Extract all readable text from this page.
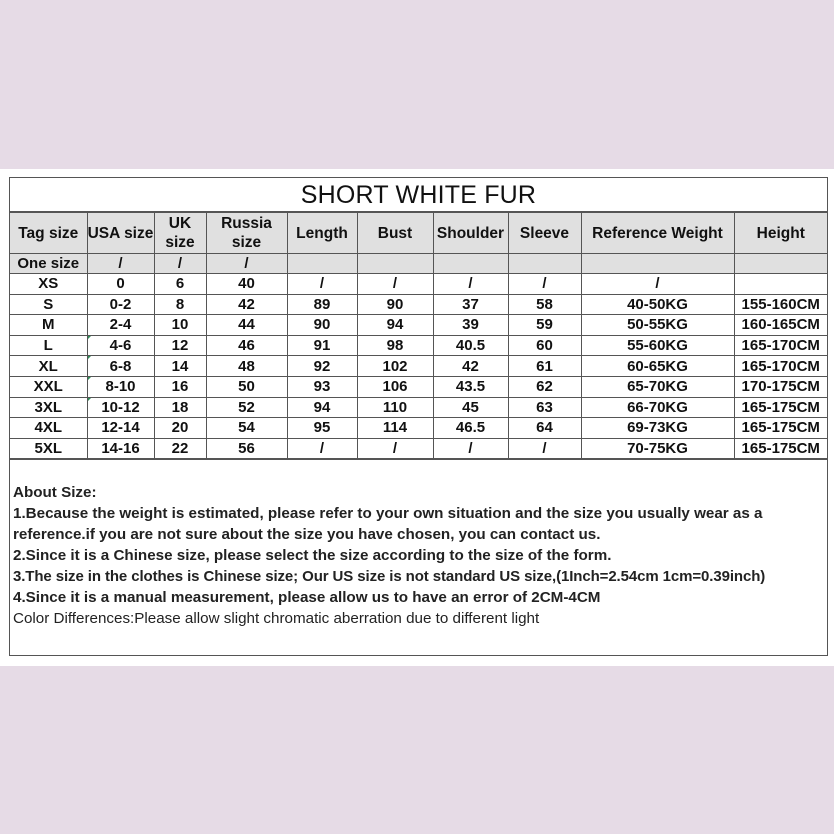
SHORT WHITE FUR
Tag size	USA size	UK size	Russia size	Length	Bust	Shoulder	Sleeve	Reference Weight	Height
One size	/	/	/						
XS	0	6	40	/	/	/	/	/	
S	0-2	8	42	89	90	37	58	40-50KG	155-160CM
M	2-4	10	44	90	94	39	59	50-55KG	160-165CM
L	4-6	12	46	91	98	40.5	60	55-60KG	165-170CM
XL	6-8	14	48	92	102	42	61	60-65KG	165-170CM
XXL	8-10	16	50	93	106	43.5	62	65-70KG	170-175CM
3XL	10-12	18	52	94	110	45	63	66-70KG	165-175CM
4XL	12-14	20	54	95	114	46.5	64	69-73KG	165-175CM
5XL	14-16	22	56	/	/	/	/	70-75KG	165-175CM
About Size:
1.Because the weight is estimated, please refer to your own situation and the size you usually wear as a reference.if you are not sure about the size you have chosen, you can contact us.
2.Since it is a Chinese size, please select the size according to the size of the form.
3.The size in the clothes is Chinese size; Our US size is not standard US size,(1Inch=2.54cm 1cm=0.39inch)
4.Since it is a manual measurement, please allow us to have an error of 2CM-4CM
Color Differences:Please allow slight chromatic aberration due to different light
